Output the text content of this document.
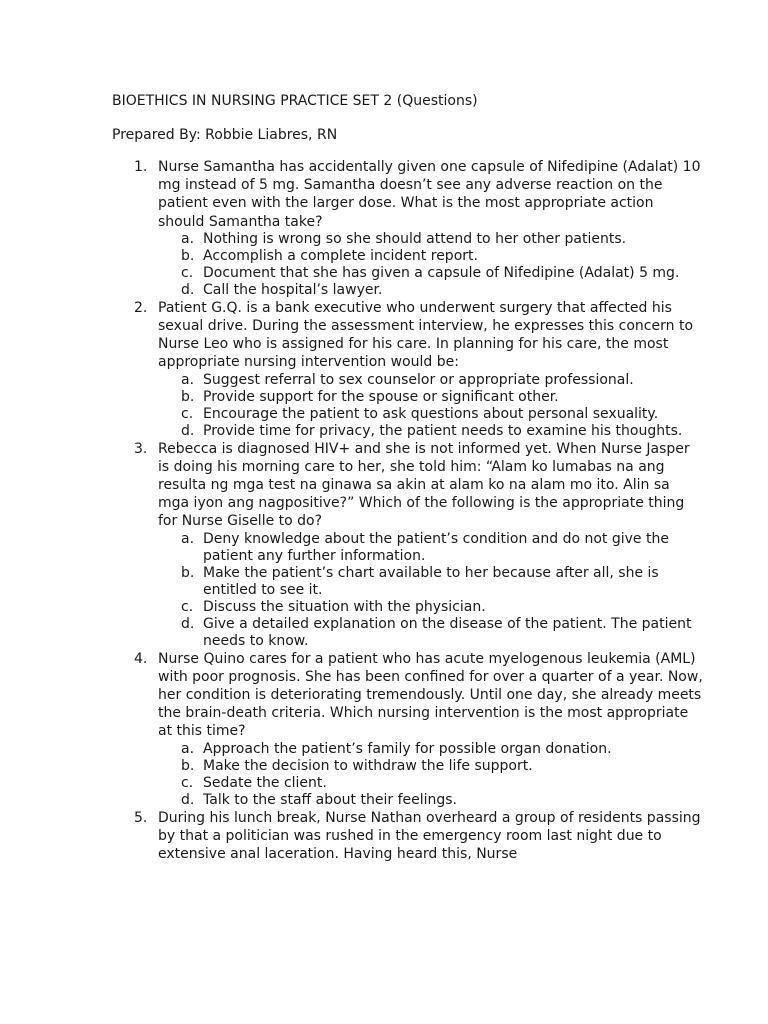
BIOETHICS IN NURSING PRACTICE SET 2 (Questions)
Prepared By: Robbie Liabres, RN
1. Nurse Samantha has accidentally given one capsule of Nifedipine (Adalat) 10 mg instead of 5 mg. Samantha doesn’t see any adverse reaction on the patient even with the larger dose. What is the most appropriate action should Samantha take?
a. Nothing is wrong so she should attend to her other patients.
b. Accomplish a complete incident report.
c. Document that she has given a capsule of Nifedipine (Adalat) 5 mg.
d. Call the hospital’s lawyer.
2. Patient G.Q. is a bank executive who underwent surgery that affected his sexual drive. During the assessment interview, he expresses this concern to Nurse Leo who is assigned for his care. In planning for his care, the most appropriate nursing intervention would be:
a. Suggest referral to sex counselor or appropriate professional.
b. Provide support for the spouse or significant other.
c. Encourage the patient to ask questions about personal sexuality.
d. Provide time for privacy, the patient needs to examine his thoughts.
3. Rebecca is diagnosed HIV+ and she is not informed yet. When Nurse Jasper is doing his morning care to her, she told him: “Alam ko lumabas na ang resulta ng mga test na ginawa sa akin at alam ko na alam mo ito. Alin sa mga iyon ang nagpositive?” Which of the following is the appropriate thing for Nurse Giselle to do?
a. Deny knowledge about the patient’s condition and do not give the patient any further information.
b. Make the patient’s chart available to her because after all, she is entitled to see it.
c. Discuss the situation with the physician.
d. Give a detailed explanation on the disease of the patient. The patient needs to know.
4. Nurse Quino cares for a patient who has acute myelogenous leukemia (AML) with poor prognosis. She has been confined for over a quarter of a year. Now, her condition is deteriorating tremendously. Until one day, she already meets the brain-death criteria. Which nursing intervention is the most appropriate at this time?
a. Approach the patient’s family for possible organ donation.
b. Make the decision to withdraw the life support.
c. Sedate the client.
d. Talk to the staff about their feelings.
5. During his lunch break, Nurse Nathan overheard a group of residents passing by that a politician was rushed in the emergency room last night due to extensive anal laceration. Having heard this, Nurse
